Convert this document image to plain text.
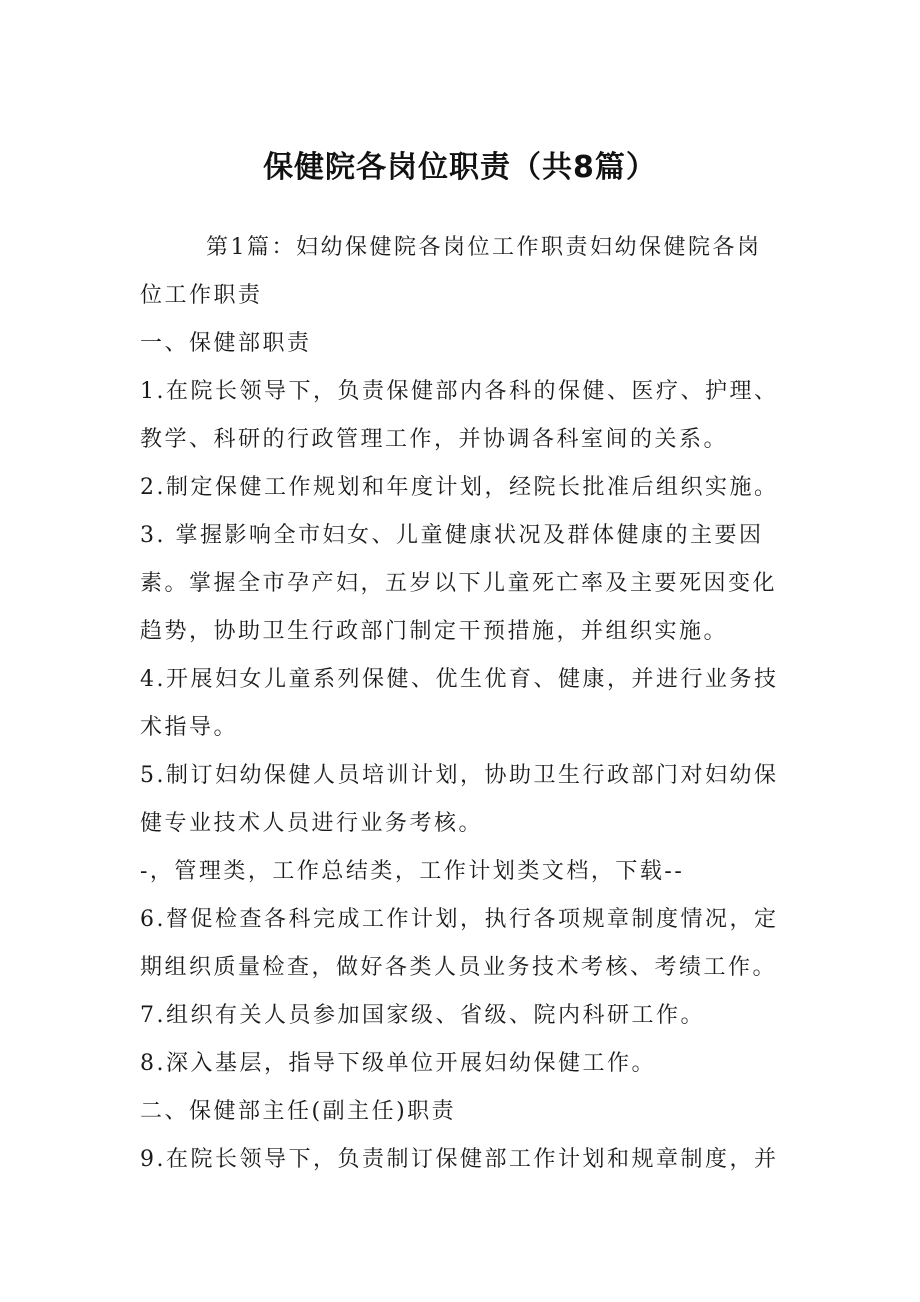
保健院各岗位职责（共8篇）

第1篇：妇幼保健院各岗位工作职责妇幼保健院各岗

位工作职责

一、保健部职责

1.在院长领导下，负责保健部内各科的保健、医疗、护理、

教学、科研的行政管理工作，并协调各科室间的关系。

2.制定保健工作规划和年度计划，经院长批准后组织实施。

3. 掌握影响全市妇女、儿童健康状况及群体健康的主要因

素。掌握全市孕产妇，五岁以下儿童死亡率及主要死因变化

趋势，协助卫生行政部门制定干预措施，并组织实施。

4.开展妇女儿童系列保健、优生优育、健康，并进行业务技

术指导。

5.制订妇幼保健人员培训计划，协助卫生行政部门对妇幼保

健专业技术人员进行业务考核。

-，管理类，工作总结类，工作计划类文档，下载--

6.督促检查各科完成工作计划，执行各项规章制度情况，定

期组织质量检查，做好各类人员业务技术考核、考绩工作。

7.组织有关人员参加国家级、省级、院内科研工作。

8.深入基层，指导下级单位开展妇幼保健工作。

二、保健部主任(副主任)职责

9.在院长领导下，负责制订保健部工作计划和规章制度，并
